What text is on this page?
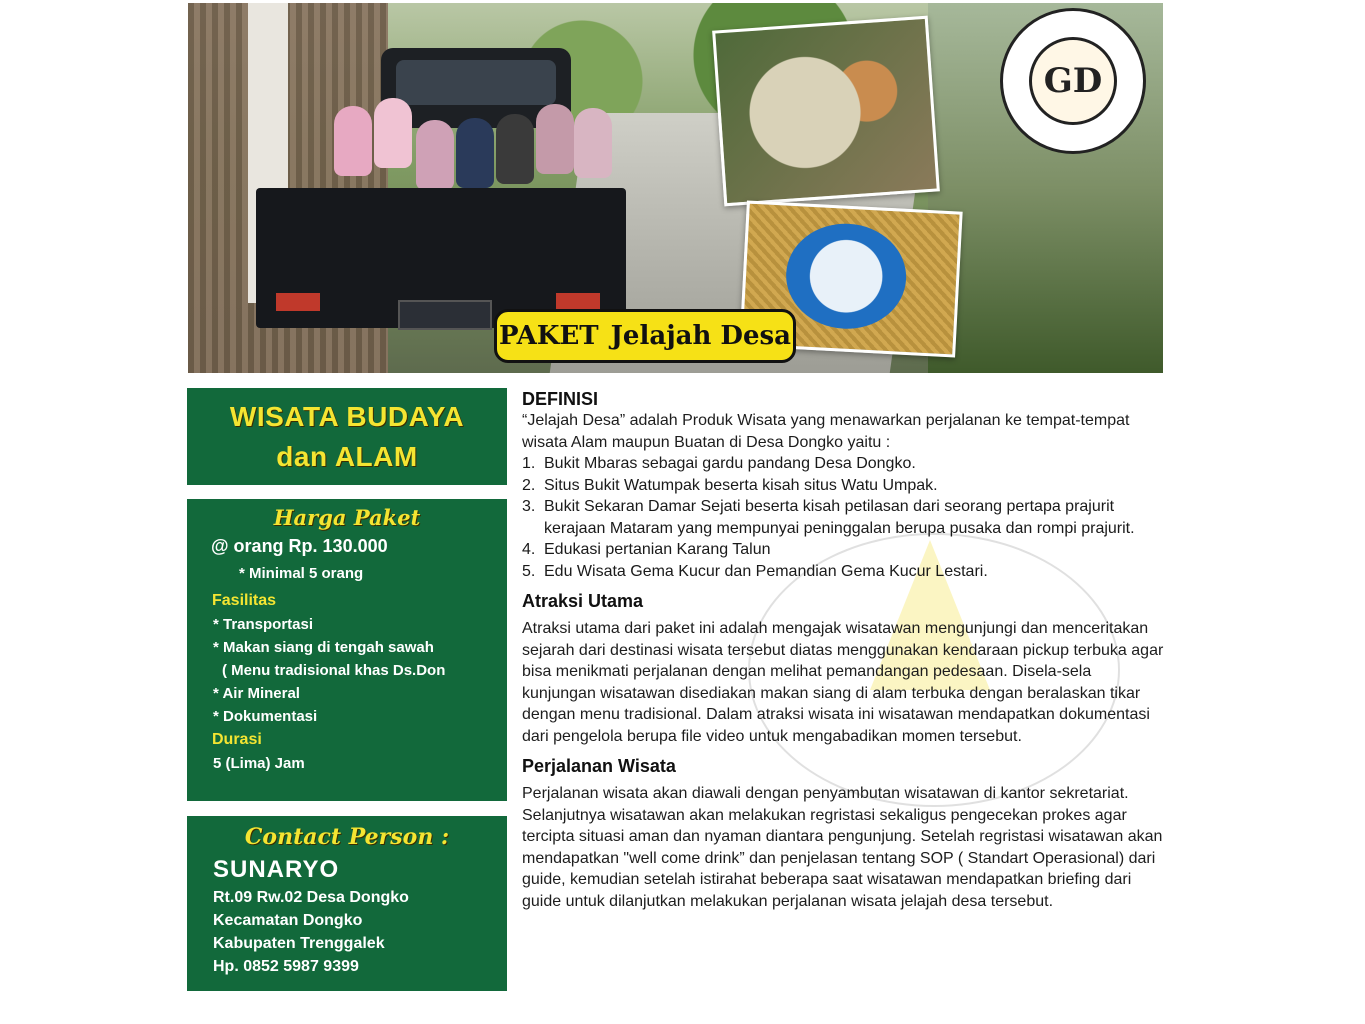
GD
PAKET Jelajah Desa
WISATA BUDAYA
dan ALAM
Harga Paket
@ orang Rp. 130.000
* Minimal 5 orang
Fasilitas
* Transportasi
* Makan siang di tengah sawah
( Menu tradisional khas Ds.Don
* Air Mineral
* Dokumentasi
Durasi
5 (Lima) Jam
Contact Person :
SUNARYO
Rt.09 Rw.02 Desa Dongko
Kecamatan Dongko
Kabupaten Trenggalek
Hp. 0852 5987 9399
DEFINISI

“Jelajah Desa” adalah Produk Wisata yang menawarkan perjalanan ke tempat-tempat wisata Alam maupun Buatan di Desa Dongko yaitu :

1. Bukit Mbaras sebagai gardu pandang Desa Dongko.
2. Situs Bukit Watumpak beserta kisah situs Watu Umpak.
3. Bukit Sekaran Damar Sejati beserta kisah petilasan dari seorang pertapa prajurit kerajaan Mataram yang mempunyai peninggalan berupa pusaka dan rompi prajurit.
4. Edukasi pertanian Karang Talun
5. Edu Wisata Gema Kucur dan Pemandian Gema Kucur Lestari.
Atraksi Utama

Atraksi utama dari paket ini adalah mengajak wisatawan mengunjungi dan menceritakan sejarah dari destinasi wisata tersebut diatas menggunakan kendaraan pickup terbuka agar bisa menikmati perjalanan dengan melihat pemandangan pedesaan. Disela-sela kunjungan wisatawan disediakan makan siang di alam terbuka dengan beralaskan tikar dengan menu tradisional. Dalam atraksi wisata ini wisatawan mendapatkan dokumentasi dari pengelola berupa file video untuk mengabadikan momen tersebut.

Perjalanan Wisata

Perjalanan wisata akan diawali dengan penyambutan wisatawan di kantor sekretariat. Selanjutnya wisatawan akan melakukan regristasi sekaligus pengecekan prokes agar tercipta situasi aman dan nyaman diantara pengunjung. Setelah regristasi wisatawan akan mendapatkan "well come drink” dan penjelasan tentang SOP ( Standart Operasional) dari guide, kemudian setelah istirahat beberapa saat wisatawan mendapatkan briefing dari guide untuk dilanjutkan melakukan perjalanan wisata jelajah desa tersebut.
